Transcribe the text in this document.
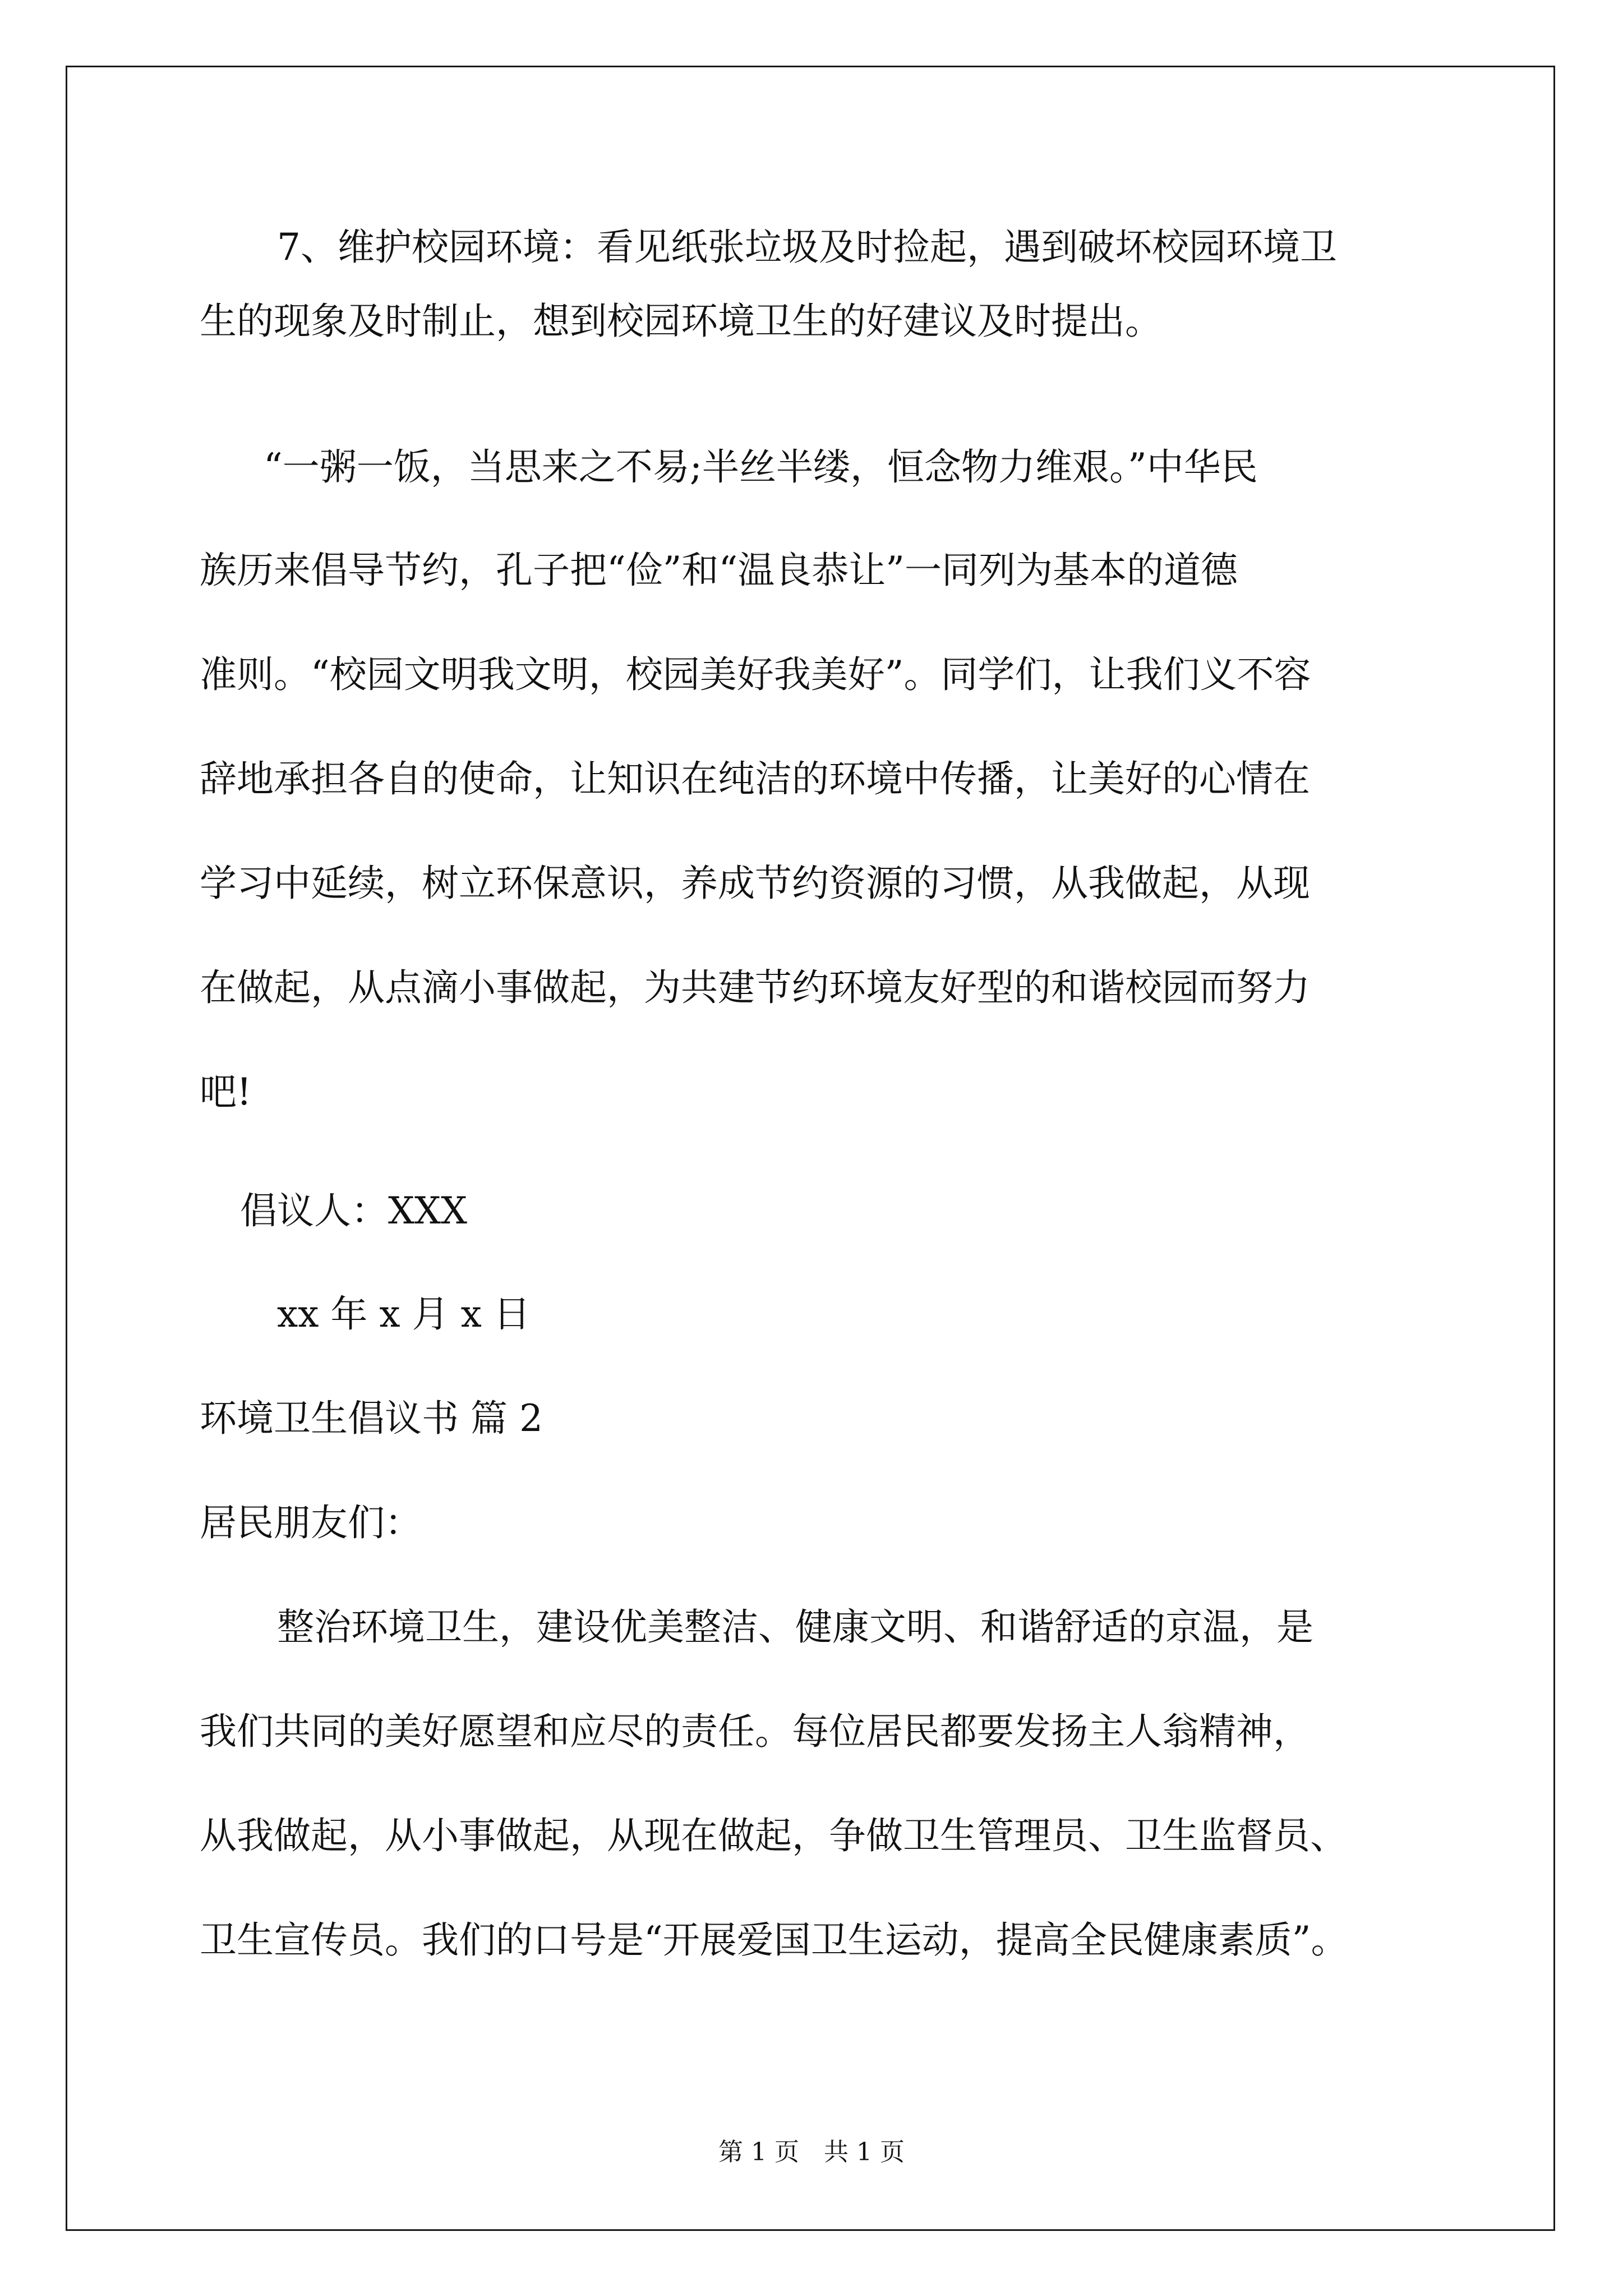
7、维护校园环境：看见纸张垃圾及时捡起，遇到破坏校园环境卫
生的现象及时制止，想到校园环境卫生的好建议及时提出。
“一粥一饭，当思来之不易;半丝半缕，恒念物力维艰。”中华民
族历来倡导节约，孔子把“俭”和“温良恭让”一同列为基本的道德
准则。“校园文明我文明，校园美好我美好”。同学们，让我们义不容
辞地承担各自的使命，让知识在纯洁的环境中传播，让美好的心情在
学习中延续，树立环保意识，养成节约资源的习惯，从我做起，从现
在做起，从点滴小事做起，为共建节约环境友好型的和谐校园而努力
吧!
倡议人：XXX
xx 年 x 月 x 日
环境卫生倡议书 篇 2
居民朋友们：
整治环境卫生，建设优美整洁、健康文明、和谐舒适的京温，是
我们共同的美好愿望和应尽的责任。每位居民都要发扬主人翁精神，
从我做起，从小事做起，从现在做起，争做卫生管理员、卫生监督员、
卫生宣传员。我们的口号是“开展爱国卫生运动，提高全民健康素质”。
第 1 页　共 1 页
